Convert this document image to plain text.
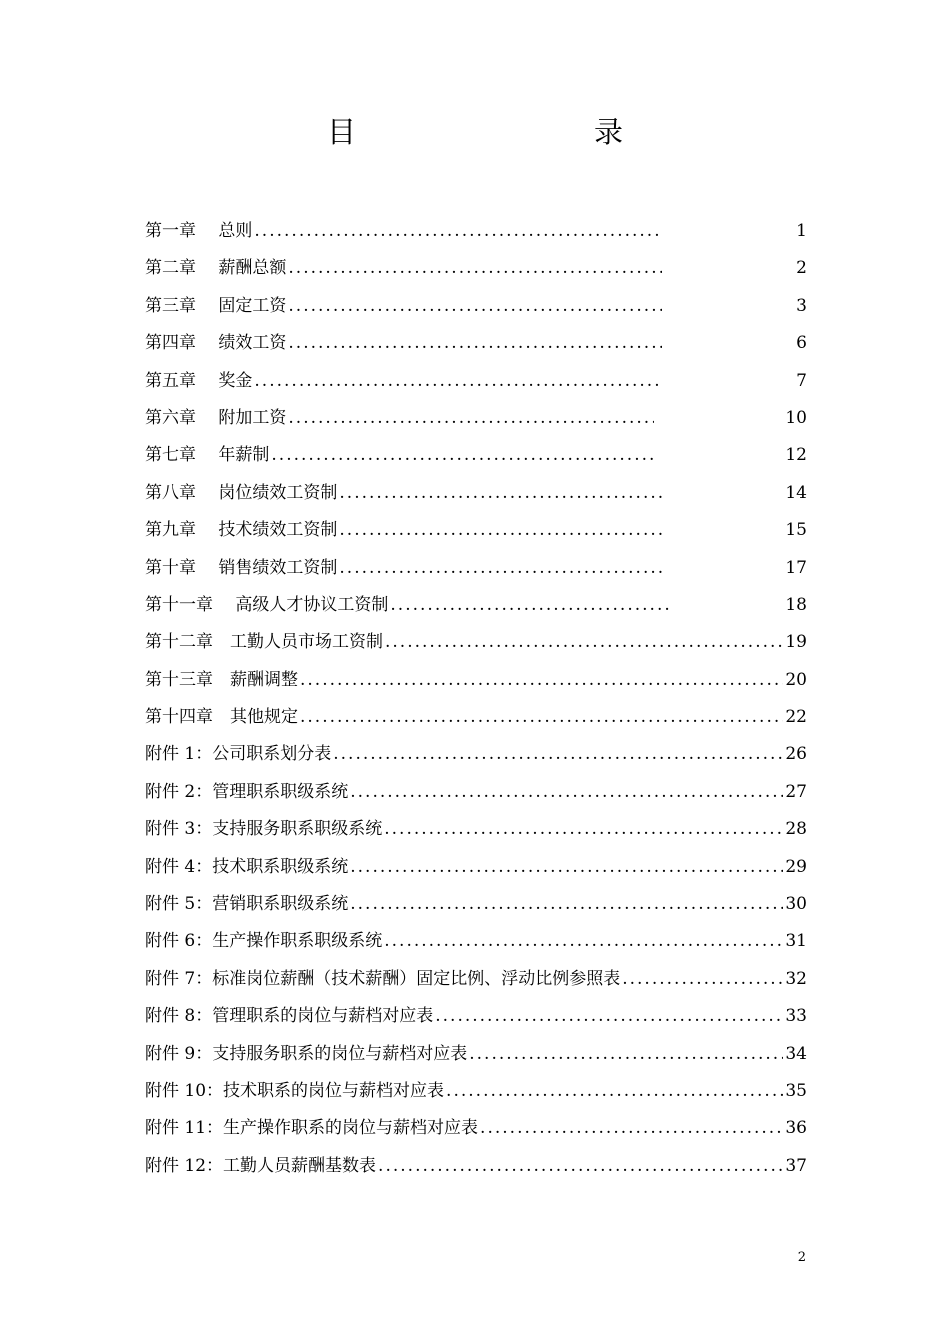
目　　录
第一章　 总则 .....	1
第二章　 薪酬总额 .....	2
第三章　 固定工资 .....	3
第四章　 绩效工资 .....	6
第五章　 奖金 .....	7
第六章　 附加工资 .....	10
第七章　 年薪制 .....	12
第八章　 岗位绩效工资制 .....	14
第九章　 技术绩效工资制 .....	15
第十章　 销售绩效工资制 .....	17
第十一章　 高级人才协议工资制 .....	18
第十二章　工勤人员市场工资制 .....	19
第十三章　薪酬调整 .....	20
第十四章　其他规定 .....	22
附件 1：公司职系划分表 .....	26
附件 2：管理职系职级系统 .....	27
附件 3：支持服务职系职级系统 .....	28
附件 4：技术职系职级系统 .....	29
附件 5：营销职系职级系统 .....	30
附件 6：生产操作职系职级系统 .....	31
附件 7：标准岗位薪酬（技术薪酬）固定比例、浮动比例参照表 .....	32
附件 8：管理职系的岗位与薪档对应表 .....	33
附件 9：支持服务职系的岗位与薪档对应表 .....	34
附件 10：技术职系的岗位与薪档对应表 .....	35
附件 11：生产操作职系的岗位与薪档对应表 .....	36
附件 12：工勤人员薪酬基数表 .....	37
2
